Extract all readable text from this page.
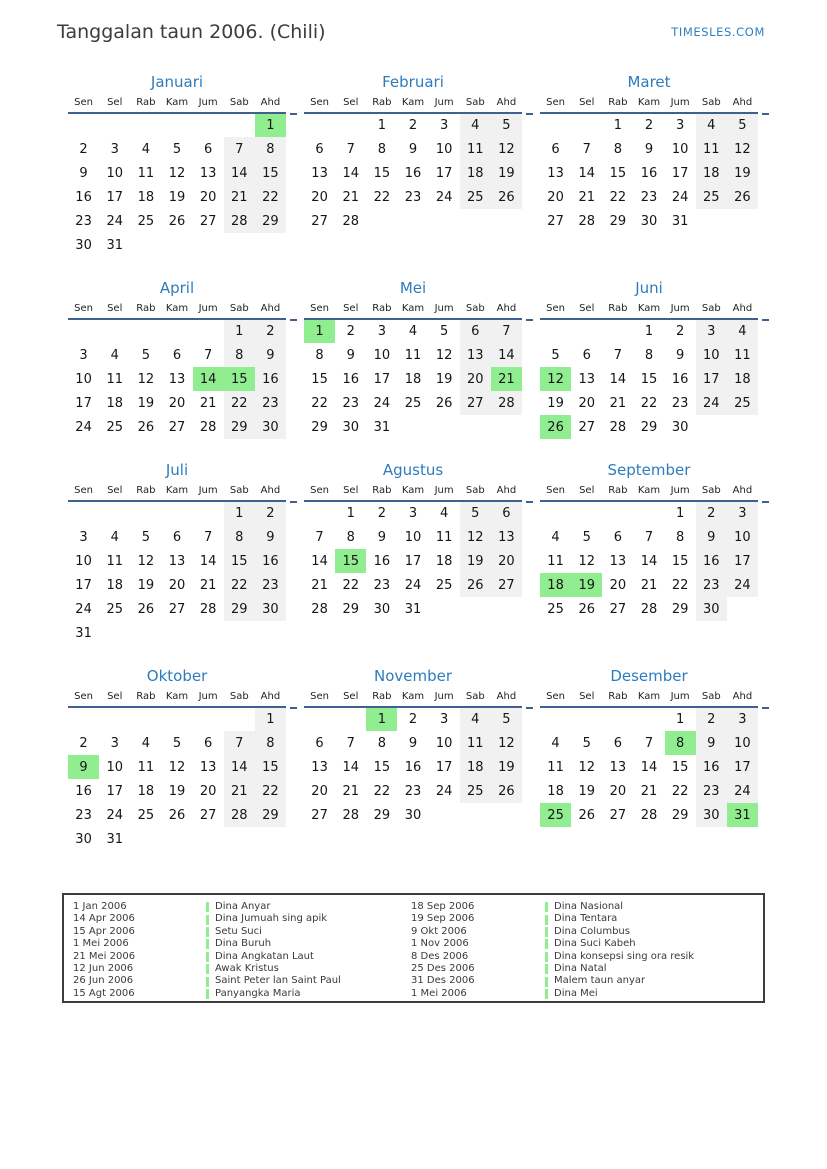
Tanggalan taun 2006. (Chili)	TIMESLES.COM
Januari
Sen	Sel	Rab	Kam	Jum	Sab	Ahd
						1
2	3	4	5	6	7	8
9	10	11	12	13	14	15
16	17	18	19	20	21	22
23	24	25	26	27	28	29
30	31					
Februari
Sen	Sel	Rab	Kam	Jum	Sab	Ahd
		1	2	3	4	5
6	7	8	9	10	11	12
13	14	15	16	17	18	19
20	21	22	23	24	25	26
27	28					
Maret
Sen	Sel	Rab	Kam	Jum	Sab	Ahd
		1	2	3	4	5
6	7	8	9	10	11	12
13	14	15	16	17	18	19
20	21	22	23	24	25	26
27	28	29	30	31		
April
Sen	Sel	Rab	Kam	Jum	Sab	Ahd
					1	2
3	4	5	6	7	8	9
10	11	12	13	14	15	16
17	18	19	20	21	22	23
24	25	26	27	28	29	30
Mei
Sen	Sel	Rab	Kam	Jum	Sab	Ahd
1	2	3	4	5	6	7
8	9	10	11	12	13	14
15	16	17	18	19	20	21
22	23	24	25	26	27	28
29	30	31				
Juni
Sen	Sel	Rab	Kam	Jum	Sab	Ahd
			1	2	3	4
5	6	7	8	9	10	11
12	13	14	15	16	17	18
19	20	21	22	23	24	25
26	27	28	29	30		
Juli
Sen	Sel	Rab	Kam	Jum	Sab	Ahd
					1	2
3	4	5	6	7	8	9
10	11	12	13	14	15	16
17	18	19	20	21	22	23
24	25	26	27	28	29	30
31						
Agustus
Sen	Sel	Rab	Kam	Jum	Sab	Ahd
	1	2	3	4	5	6
7	8	9	10	11	12	13
14	15	16	17	18	19	20
21	22	23	24	25	26	27
28	29	30	31			
September
Sen	Sel	Rab	Kam	Jum	Sab	Ahd
				1	2	3
4	5	6	7	8	9	10
11	12	13	14	15	16	17
18	19	20	21	22	23	24
25	26	27	28	29	30	
Oktober
Sen	Sel	Rab	Kam	Jum	Sab	Ahd
						1
2	3	4	5	6	7	8
9	10	11	12	13	14	15
16	17	18	19	20	21	22
23	24	25	26	27	28	29
30	31					
November
Sen	Sel	Rab	Kam	Jum	Sab	Ahd
		1	2	3	4	5
6	7	8	9	10	11	12
13	14	15	16	17	18	19
20	21	22	23	24	25	26
27	28	29	30			
Desember
Sen	Sel	Rab	Kam	Jum	Sab	Ahd
				1	2	3
4	5	6	7	8	9	10
11	12	13	14	15	16	17
18	19	20	21	22	23	24
25	26	27	28	29	30	31
1 Jan 2006	Dina Anyar	18 Sep 2006	Dina Nasional
14 Apr 2006	Dina Jumuah sing apik	19 Sep 2006	Dina Tentara
15 Apr 2006	Setu Suci	9 Okt 2006	Dina Columbus
1 Mei 2006	Dina Buruh	1 Nov 2006	Dina Suci Kabeh
21 Mei 2006	Dina Angkatan Laut	8 Des 2006	Dina konsepsi sing ora resik
12 Jun 2006	Awak Kristus	25 Des 2006	Dina Natal
26 Jun 2006	Saint Peter lan Saint Paul	31 Des 2006	Malem taun anyar
15 Agt 2006	Panyangka Maria	1 Mei 2006	Dina Mei
